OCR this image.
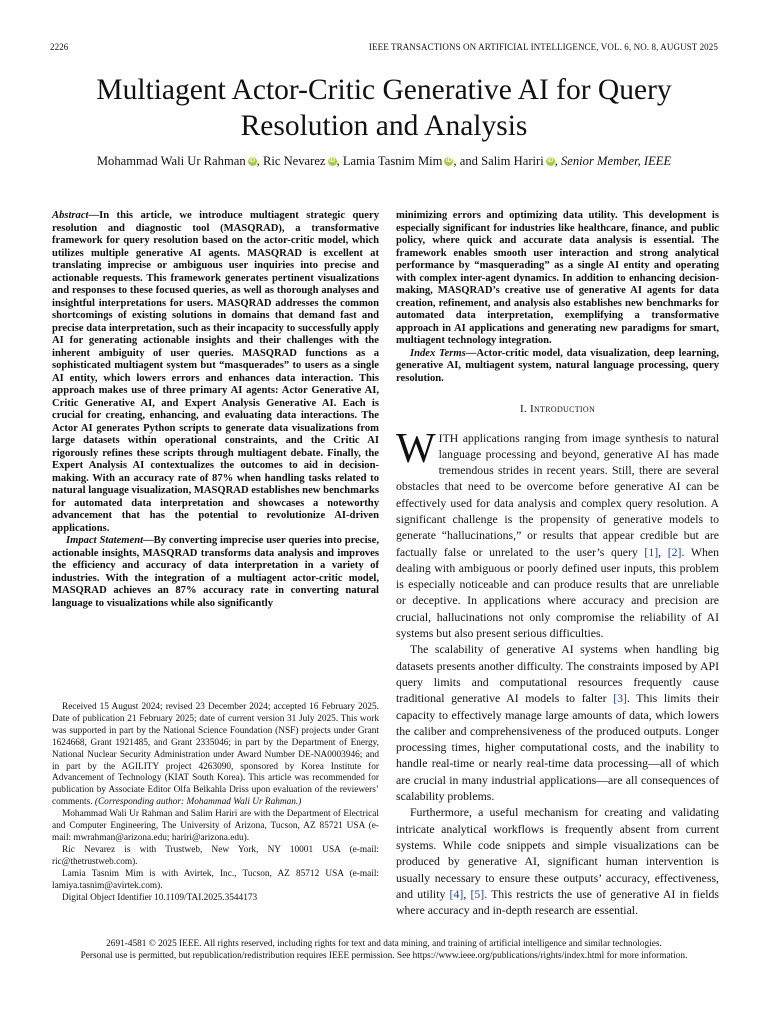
2226	IEEE TRANSACTIONS ON ARTIFICIAL INTELLIGENCE, VOL. 6, NO. 8, AUGUST 2025
Multiagent Actor-Critic Generative AI for Query Resolution and Analysis
Mohammad Wali Ur Rahman iD , Ric Nevarez iD , Lamia Tasnim Mim iD , and Salim Hariri iD , Senior Member, IEEE

Abstract—In this article, we introduce multiagent strategic query resolution and diagnostic tool (MASQRAD), a transformative framework for query resolution based on the actor-critic model, which utilizes multiple generative AI agents. MASQRAD is excellent at translating imprecise or ambiguous user inquiries into precise and actionable requests. This framework generates pertinent visualizations and responses to these focused queries, as well as thorough analyses and insightful interpretations for users. MASQRAD addresses the common shortcomings of existing solutions in domains that demand fast and precise data interpretation, such as their incapacity to successfully apply AI for generating actionable insights and their challenges with the inherent ambiguity of user queries. MASQRAD functions as a sophisticated multiagent system but “masquerades” to users as a single AI entity, which lowers errors and enhances data interaction. This approach makes use of three primary AI agents: Actor Generative AI, Critic Generative AI, and Expert Analysis Generative AI. Each is crucial for creating, enhancing, and evaluating data interactions. The Actor AI generates Python scripts to generate data visualizations from large datasets within operational constraints, and the Critic AI rigorously refines these scripts through multiagent debate. Finally, the Expert Analysis AI contextualizes the outcomes to aid in decision-making. With an accuracy rate of 87% when handling tasks related to natural language visualization, MASQRAD establishes new benchmarks for automated data interpretation and showcases a noteworthy advancement that has the potential to revolutionize AI-driven applications.

Impact Statement—By converting imprecise user queries into precise, actionable insights, MASQRAD transforms data analysis and improves the efficiency and accuracy of data interpretation in a variety of industries. With the integration of a multiagent actor-critic model, MASQRAD achieves an 87% accuracy rate in converting natural language to visualizations while also significantly

minimizing errors and optimizing data utility. This development is especially significant for industries like healthcare, finance, and public policy, where quick and accurate data analysis is essential. The framework enables smooth user interaction and strong analytical performance by “masquerading” as a single AI entity and operating with complex inter-agent dynamics. In addition to enhancing decision-making, MASQRAD’s creative use of generative AI agents for data creation, refinement, and analysis also establishes new benchmarks for automated data interpretation, exemplifying a transformative approach in AI applications and generating new paradigms for smart, multiagent technology integration.

Index Terms—Actor-critic model, data visualization, deep learning, generative AI, multiagent system, natural language processing, query resolution.

I. Introduction

WITH applications ranging from image synthesis to natural language processing and beyond, generative AI has made tremendous strides in recent years. Still, there are several obstacles that need to be overcome before generative AI can be effectively used for data analysis and complex query resolution. A significant challenge is the propensity of generative models to generate “hallucinations,” or results that appear credible but are factually false or unrelated to the user’s query [1], [2]. When dealing with ambiguous or poorly defined user inputs, this problem is especially noticeable and can produce results that are unreliable or deceptive. In applications where accuracy and precision are crucial, hallucinations not only compromise the reliability of AI systems but also present serious difficulties.

The scalability of generative AI systems when handling big datasets presents another difficulty. The constraints imposed by API query limits and computational resources frequently cause traditional generative AI models to falter [3]. This limits their capacity to effectively manage large amounts of data, which lowers the caliber and comprehensiveness of the produced outputs. Longer processing times, higher computational costs, and the inability to handle real-time or nearly real-time data processing—all of which are crucial in many industrial applications—are all consequences of scalability problems.

Furthermore, a useful mechanism for creating and validating intricate analytical workflows is frequently absent from current systems. While code snippets and simple visualizations can be produced by generative AI, significant human intervention is usually necessary to ensure these outputs’ accuracy, effectiveness, and utility [4], [5]. This restricts the use of generative AI in fields where accuracy and in-depth research are essential.

Received 15 August 2024; revised 23 December 2024; accepted 16 February 2025. Date of publication 21 February 2025; date of current version 31 July 2025. This work was supported in part by the National Science Foundation (NSF) projects under Grant 1624668, Grant 1921485, and Grant 2335046; in part by the Department of Energy, National Nuclear Security Administration under Award Number DE-NA0003946; and in part by the AGILITY project 4263090, sponsored by Korea Institute for Advancement of Technology (KIAT South Korea). This article was recommended for publication by Associate Editor Olfa Belkahla Driss upon evaluation of the reviewers’ comments. (Corresponding author: Mohammad Wali Ur Rahman.)

Mohammad Wali Ur Rahman and Salim Hariri are with the Department of Electrical and Computer Engineering, The University of Arizona, Tucson, AZ 85721 USA (e-mail: mwrahman@arizona.edu; hariri@arizona.edu).

Ric Nevarez is with Trustweb, New York, NY 10001 USA (e-mail: ric@thetrustweb.com).

Lamia Tasnim Mim is with Avirtek, Inc., Tucson, AZ 85712 USA (e-mail: lamiya.tasnim@avirtek.com).

Digital Object Identifier 10.1109/TAI.2025.3544173

2691-4581 © 2025 IEEE. All rights reserved, including rights for text and data mining, and training of artificial intelligence and similar technologies.
Personal use is permitted, but republication/redistribution requires IEEE permission. See https://www.ieee.org/publications/rights/index.html for more information.
